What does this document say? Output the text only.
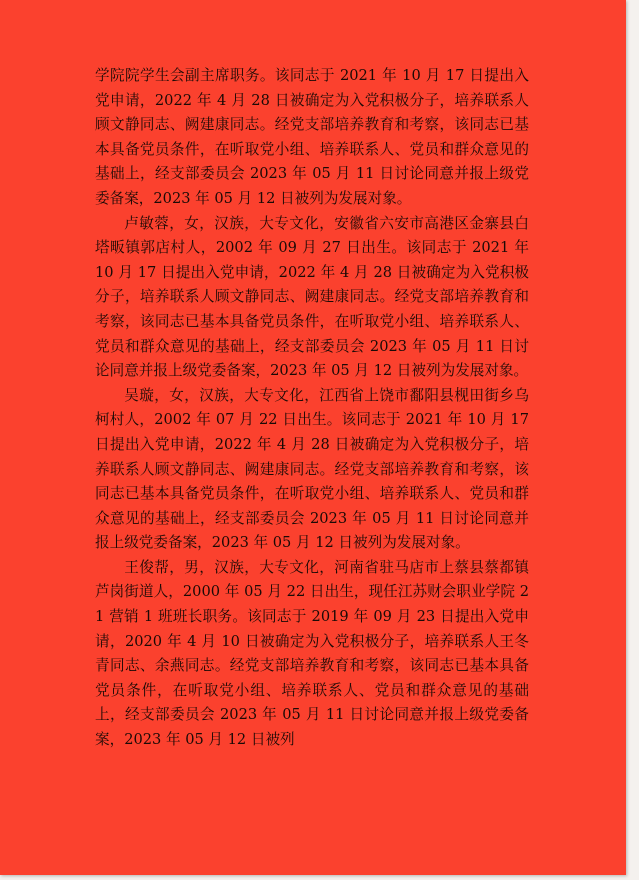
学院院学生会副主席职务。该同志于 2021 年 10 月 17 日提出入党申请，2022 年 4 月 28 日被确定为入党积极分子，培养联系人顾文静同志、阙建康同志。经党支部培养教育和考察，该同志已基本具备党员条件，在听取党小组、培养联系人、党员和群众意见的基础上，经支部委员会 2023 年 05 月 11 日讨论同意并报上级党委备案，2023 年 05 月 12 日被列为发展对象。

卢敏蓉，女，汉族，大专文化，安徽省六安市高港区金寨县白塔畈镇郭店村人，2002 年 09 月 27 日出生。该同志于 2021 年 10 月 17 日提出入党申请，2022 年 4 月 28 日被确定为入党积极分子，培养联系人顾文静同志、阙建康同志。经党支部培养教育和考察，该同志已基本具备党员条件，在听取党小组、培养联系人、党员和群众意见的基础上，经支部委员会 2023 年 05 月 11 日讨论同意并报上级党委备案，2023 年 05 月 12 日被列为发展对象。

吴璇，女，汉族，大专文化，江西省上饶市鄱阳县枧田街乡乌柯村人，2002 年 07 月 22 日出生。该同志于 2021 年 10 月 17 日提出入党申请，2022 年 4 月 28 日被确定为入党积极分子，培养联系人顾文静同志、阙建康同志。经党支部培养教育和考察，该同志已基本具备党员条件，在听取党小组、培养联系人、党员和群众意见的基础上，经支部委员会 2023 年 05 月 11 日讨论同意并报上级党委备案，2023 年 05 月 12 日被列为发展对象。

王俊帮，男，汉族，大专文化，河南省驻马店市上蔡县蔡都镇芦岗街道人，2000 年 05 月 22 日出生，现任江苏财会职业学院 21 营销 1 班班长职务。该同志于 2019 年 09 月 23 日提出入党申请，2020 年 4 月 10 日被确定为入党积极分子，培养联系人王冬青同志、余燕同志。经党支部培养教育和考察，该同志已基本具备党员条件，在听取党小组、培养联系人、党员和群众意见的基础上，经支部委员会 2023 年 05 月 11 日讨论同意并报上级党委备案，2023 年 05 月 12 日被列
